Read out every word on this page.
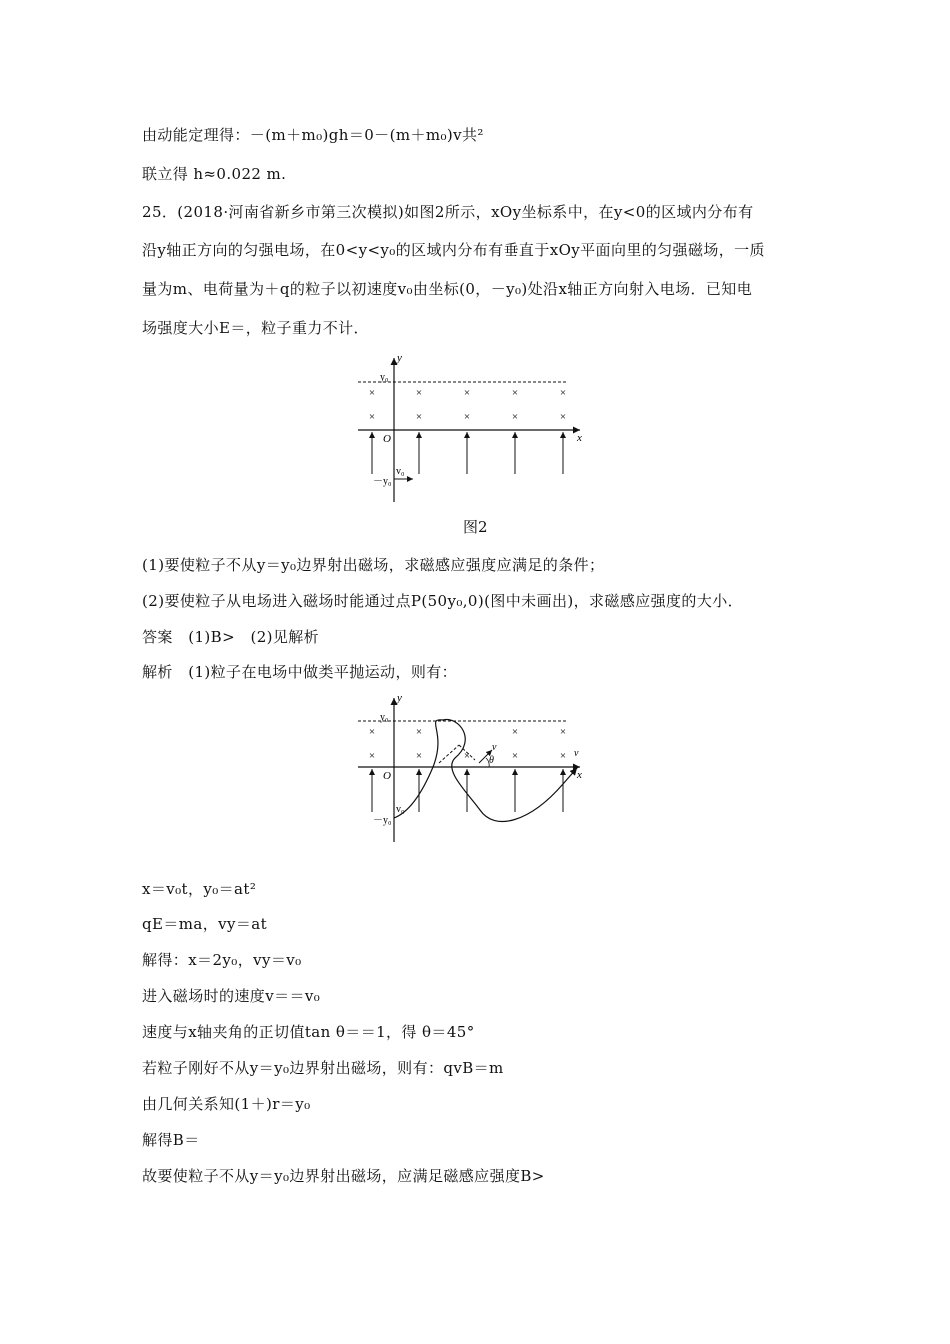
由动能定理得：－(m＋m₀)gh＝0－(m＋m₀)v共²
联立得 h≈0.022 m.
25．(2018·河南省新乡市第三次模拟)如图2所示，xOy坐标系中，在y<0的区域内分布有
沿y轴正方向的匀强电场，在0<y<y₀的区域内分布有垂直于xOy平面向里的匀强磁场，一质
量为m、电荷量为＋q的粒子以初速度v₀由坐标(0，－y₀)处沿x轴正方向射入电场．已知电
场强度大小E＝，粒子重力不计．
y
x
O
y₀
－y₀
v₀
×	×	×	×	×
×	×	×	×	×
图2
(1)要使粒子不从y＝y₀边界射出磁场，求磁感应强度应满足的条件；
(2)要使粒子从电场进入磁场时能通过点P(50y₀,0)(图中未画出)，求磁感应强度的大小．
答案　(1)B>　(2)见解析
解析　(1)粒子在电场中做类平抛运动，则有：
y
x
O
y₀
－y₀
v₀
×	×	×	×
×	×	×	×	×
v
θ
v
x＝v₀t，y₀＝at²
qE＝ma，vy＝at
解得：x＝2y₀，vy＝v₀
进入磁场时的速度v＝＝v₀
速度与x轴夹角的正切值tan θ＝＝1，得 θ＝45°
若粒子刚好不从y＝y₀边界射出磁场，则有：qvB＝m
由几何关系知(1＋)r＝y₀
解得B＝
故要使粒子不从y＝y₀边界射出磁场，应满足磁感应强度B>
